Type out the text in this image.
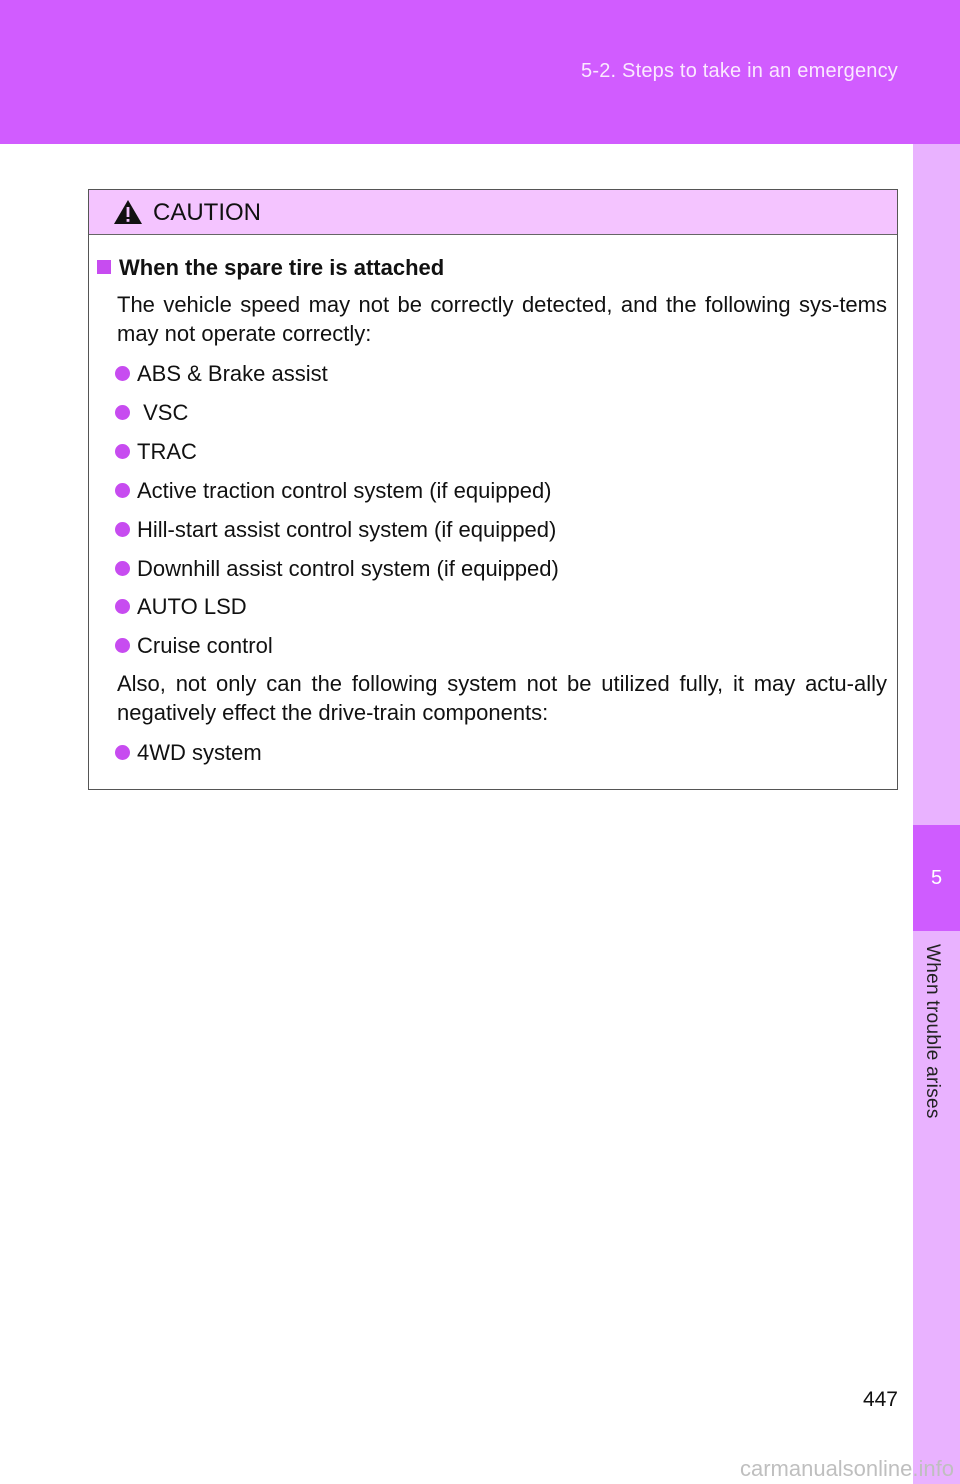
5-2. Steps to take in an emergency
5
When trouble arises
CAUTION
When the spare tire is attached
The vehicle speed may not be correctly detected, and the following sys-tems may not operate correctly:
ABS & Brake assist
VSC
TRAC
Active traction control system (if equipped)
Hill-start assist control system (if equipped)
Downhill assist control system (if equipped)
AUTO LSD
Cruise control
Also, not only can the following system not be utilized fully, it may actu-ally negatively effect the drive-train components:
4WD system
447
carmanualsonline.info
